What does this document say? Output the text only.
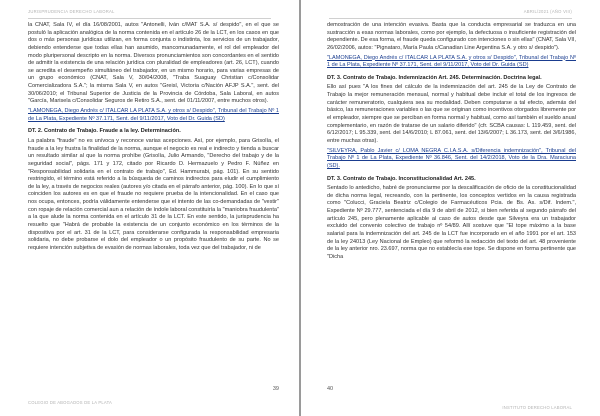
JURISPRUDENCIA DERECHO LABORAL

la CNAT, Sala IV, el día 16/08/2001, autos "Antonelli, Iván c/MAT S.A. s/ despido", en el que se postuló la aplicación analógica de la norma contenida en el artículo 26 de la LCT, en los casos en que dos o más personas jurídicas utilizan, en forma conjunta o indistinta, los servicios de un trabajador, debiendo entenderse que todas ellas han asumido, mancomunadamente, el rol del empleador del modo pluripersonal descripto en la norma. Diversos pronunciamientos son concordantes en el sentido de admitir la existencia de una relación jurídica con pluralidad de empleadores (art. 26, LCT), cuando se acredita el desempeño simultáneo del trabajador, en un mismo horario, para varias empresas de un grupo económico (CNAT, Sala V, 30/04/2008, "Traba Suaguay Christian c/Consolidar Comercializadora S.A."; la misma Sala V, en autos "Greisl, Victoria c/Nación AFJP S.A.", sent. del 30/06/2010; el Tribunal Superior de Justicia de la Provincia de Córdoba, Sala Laboral, en autos "García, Marisela c/Consolidar Seguros de Retiro S.A., sent. del 01/11/2007, entre muchos otros).

"LAMONEGA, Diego Andrés c/ ITALCAR LA PLATA S.A. y otros s/ Despido", Tribunal del Trabajo Nº 1 de La Plata, Expediente Nº 37.171, Sent. del 9/11/2017, Voto del Dr. Guida (SD)

DT. 2. Contrato de Trabajo. Fraude a la ley. Determinación.

La palabra "fraude" no es unívoca y reconoce varias acepciones. Así, por ejemplo, para Grisolía, el fraude a la ley frustra la finalidad de la norma, aunque el negocio es real e indirecto y tienda a buscar un resultado similar al que la norma prohíbe (Grisolía, Julio Armando, "Derecho del trabajo y de la seguridad social", págs. 171 y 172, citado por Ricardo D. Hermazuelo y Pedro F. Núñez en "Responsabilidad solidaria en el contrato de trabajo", Ed. Hammurabi, pág. 101). En su sentido restringido, el término está referido a la búsqueda de caminos indirectos para eludir el cumplimiento de la ley, a través de negocios reales (autores y/o citada en el párrafo anterior, pág. 100). En lo que sí coinciden los autores es en que el fraude no requiere prueba de la intencionalidad. En el caso que nos ocupa, entonces, podría válidamente entenderse que el intento de las co-demandadas de "vestir" con ropaje de relación comercial aun a relación de índole laboral constituiría la "maniobra fraudulenta" a la que alude la norma contenida en el artículo 31 de la LCT. En este sentido, la jurisprudencia ha resuelto que "Habrá de probable la existencia de un conjunto económico en los términos de la dispositiva por el art. 31 de la LCT, para considerarse configurada la responsabilidad empresaria solidaria, no debe probarse el dolo del empleador o un propósito fraudulento de su parte. No se requiere intención subjetiva de evasión de normas laborales, toda vez que del trabajador, ni de

39
COLEGIO DE ABOGADOS DE LA PLATA
ABRIL/2021 (AÑO VIII)

demostración de una intención evasiva. Basta que la conducta empresarial se traduzca en una sustracción a esas normas laborales, como por ejemplo, la defectuosa o insuficiente registración del dependiente. De esa forma, el fraude queda configurado con intenciones o sin ellas" (CNAT, Sala VII, 26/02/2006, autos: "Pignataro, María Paula c/Canadian Line Argentina S.A. y otro s/ despido").

"LAMONEGA, Diego Andrés c/ ITALCAR LA PLATA S.A. y otros s/ Despido", Tribunal del Trabajo Nº 1 de La Plata, Expediente Nº 37.171, Sent. del 9/11/2017, Voto del Dr. Guida (SD)

DT. 3. Contrato de Trabajo. Indemnización Art. 245. Determinación. Doctrina legal.

Ello así pues "A los fines del cálculo de la indemnización del art. 245 de la Ley de Contrato de Trabajo la mejor remuneración mensual, normal y habitual debe incluir el total de los ingresos de carácter remuneratorio, cualquiera sea su modalidad. Deben computarse a tal efecto, además del básico, las remuneraciones variables o las que se originan como incentivos otorgados libremente por el empleador, siempre que se perciban en forma normal y habitual, como así también el sueldo anual complementario, en razón de tratarse de un salario diferido" (cfr. SCBA causas: L 119.459, sent. del 6/12/2017; L 95.339, sent. del 14/6/2010; L 87.061, sent. del 13/6/2007; L 36.173, sent. del 3/6/1986, entre muchas otras).

"SILVEYRA, Pablo Javier c/ LOMA NEGRA C.I.A.S.A. s/Diferencia indemnización", Tribunal del Trabajo Nº 1 de La Plata, Expediente Nº 36.846, Sent. del 14/2/2018, Voto de la Dra. Maraciuna (SD).

DT. 3. Contrato de Trabajo. Inconstitucionalidad Art. 245.

Sentado lo antedicho, habré de pronunciarme por la descalificación de oficio de la constitucionalidad de dicha norma legal, recreando, con la pertinente, los conceptos vertidos en la causa registrada como "Colucci, Graciela Beatriz c/Colegio de Farmacéuticos Pcia. de Bs. As. s/Dif. Indem.", Expediente Nº 29.777, sentenciada el día 9 de abril de 2012, si bien referida al segundo párrafo del artículo 245, pero plenamente aplicable al caso de autos desde que Silveyra era un trabajador excluido del convenio colectivo de trabajo nº 54/89. Allí sostuve que "El tope máximo a la base salarial para la indemnización del art. 245 de la LCT fue incorporado en el año 1991 por el art. 153 de la ley 24013 (Ley Nacional de Empleo) que reformó la redacción del texto del art. 48 proveniente de la ley anterior nro. 23.697, norma que no establecía ese tope. Se dispone en forma pertinente que "Dicha

40
INSTITUTO DERECHO LABORAL
